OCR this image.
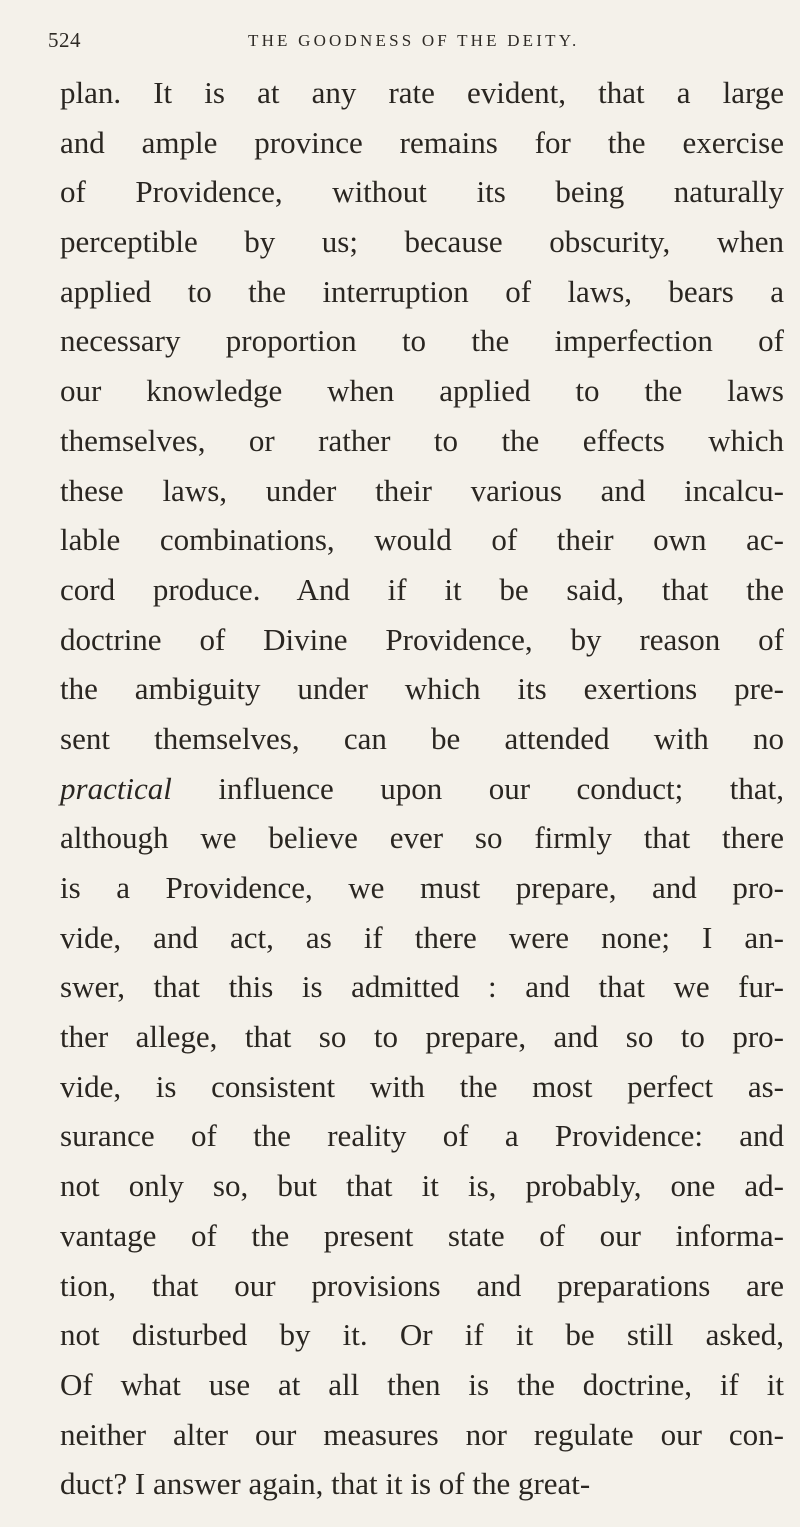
524	THE GOODNESS OF THE DEITY.
plan. It is at any rate evident, that a large
and ample province remains for the exercise
of Providence, without its being naturally
perceptible by us; because obscurity, when
applied to the interruption of laws, bears a
necessary proportion to the imperfection of
our knowledge when applied to the laws
themselves, or rather to the effects which
these laws, under their various and incalcu-
lable combinations, would of their own ac-
cord produce. And if it be said, that the
doctrine of Divine Providence, by reason of
the ambiguity under which its exertions pre-
sent themselves, can be attended with no
practical influence upon our conduct; that,
although we believe ever so firmly that there
is a Providence, we must prepare, and pro-
vide, and act, as if there were none; I an-
swer, that this is admitted : and that we fur-
ther allege, that so to prepare, and so to pro-
vide, is consistent with the most perfect as-
surance of the reality of a Providence: and
not only so, but that it is, probably, one ad-
vantage of the present state of our informa-
tion, that our provisions and preparations are
not disturbed by it. Or if it be still asked,
Of what use at all then is the doctrine, if it
neither alter our measures nor regulate our con-
duct? I answer again, that it is of the great-
